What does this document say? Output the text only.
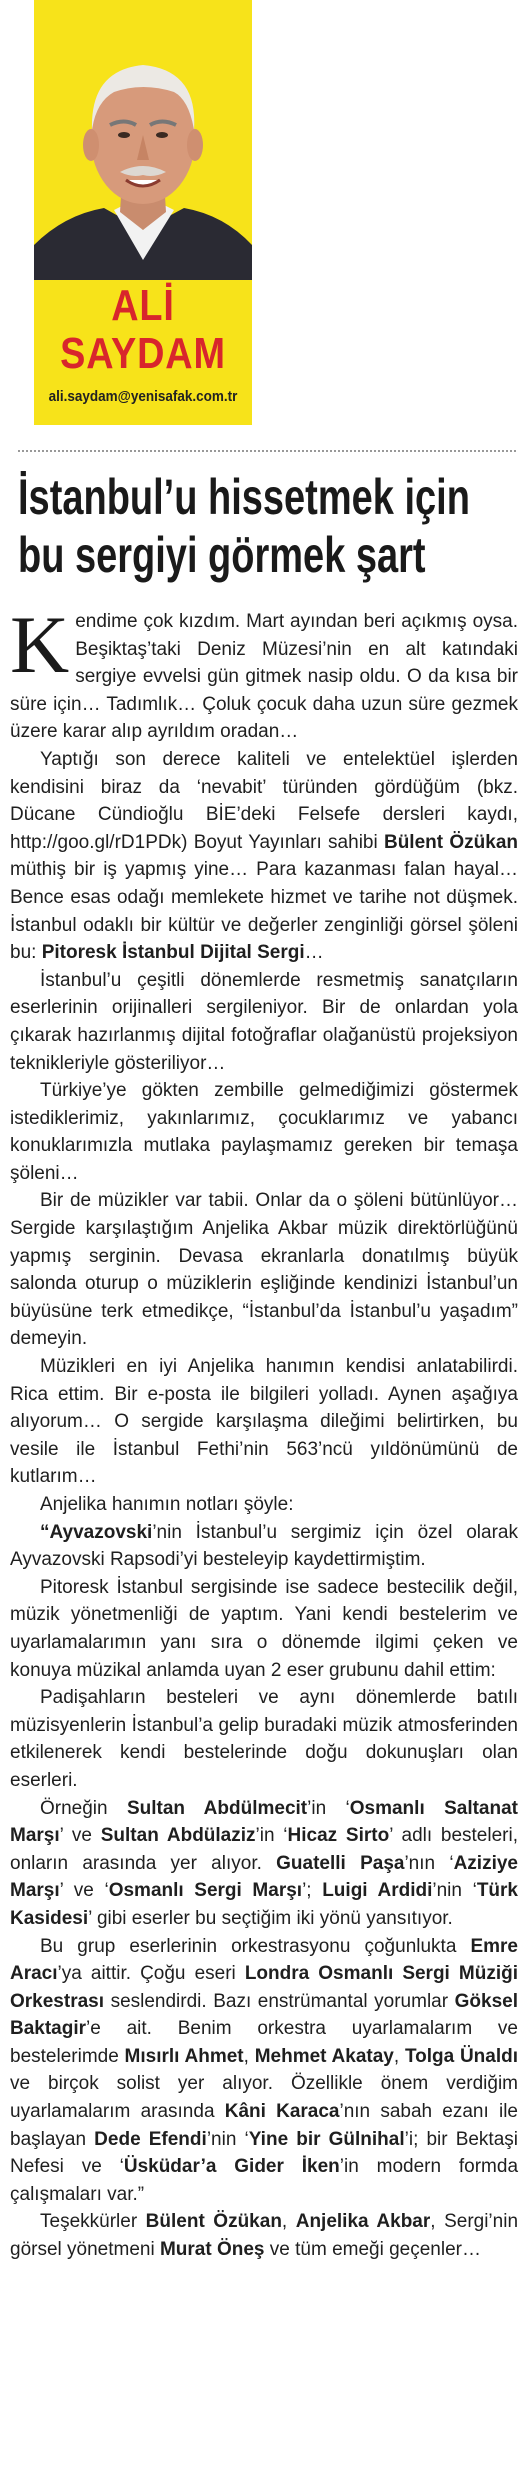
ALİ
SAYDAM
ali.saydam@yenisafak.com.tr
İstanbul’u hissetmek için
bu sergiyi görmek şart

Kendime çok kızdım. Mart ayından beri açıkmış oysa. Beşiktaş’taki Deniz Müzesi’nin en alt katındaki sergiye evvelsi gün gitmek nasip oldu. O da kısa bir süre için… Tadımlık… Çoluk çocuk daha uzun süre gezmek üzere karar alıp ayrıldım oradan…

Yaptığı son derece kaliteli ve entelektüel işlerden kendisini biraz da ‘nevabit’ türünden gördüğüm (bkz. Dücane Cündioğlu BİE’deki Felsefe dersleri kaydı, http://goo.gl/rD1PDk) Boyut Yayınları sahibi Bülent Özükan müthiş bir iş yapmış yine… Para kazanması falan hayal… Bence esas odağı memlekete hizmet ve tarihe not düşmek. İstanbul odaklı bir kültür ve değerler zenginliği görsel şöleni bu: Pitoresk İstanbul Dijital Sergi…

İstanbul’u çeşitli dönemlerde resmetmiş sanatçıların eserlerinin orijinalleri sergileniyor. Bir de onlardan yola çıkarak hazırlanmış dijital fotoğraflar olağanüstü projeksiyon teknikleriyle gösteriliyor…

Türkiye’ye gökten zembille gelmediğimizi göstermek istediklerimiz, yakınlarımız, çocuklarımız ve yabancı konuklarımızla mutlaka paylaşmamız gereken bir temaşa şöleni…

Bir de müzikler var tabii. Onlar da o şöleni bütünlüyor… Sergide karşılaştığım Anjelika Akbar müzik direktörlüğünü yapmış serginin. Devasa ekranlarla donatılmış büyük salonda oturup o müziklerin eşliğinde kendinizi İstanbul’un büyüsüne terk etmedikçe, “İstanbul’da İstanbul’u yaşadım” demeyin.

Müzikleri en iyi Anjelika hanımın kendisi anlatabilirdi. Rica ettim. Bir e-posta ile bilgileri yolladı. Aynen aşağıya alıyorum… O sergide karşılaşma dileğimi belirtirken, bu vesile ile İstanbul Fethi’nin 563’ncü yıldönümünü de kutlarım…

Anjelika hanımın notları şöyle:

“Ayvazovski’nin İstanbul’u sergimiz için özel olarak Ayvazovski Rapsodi’yi besteleyip kaydettirmiştim.

Pitoresk İstanbul sergisinde ise sadece bestecilik değil, müzik yönetmenliği de yaptım. Yani kendi bestelerim ve uyarlamalarımın yanı sıra o dönemde ilgimi çeken ve konuya müzikal anlamda uyan 2 eser grubunu dahil ettim:

Padişahların besteleri ve aynı dönemlerde batılı müzisyenlerin İstanbul’a gelip buradaki müzik atmosferinden etkilenerek kendi bestelerinde doğu dokunuşları olan eserleri.

Örneğin Sultan Abdülmecit’in ‘Osmanlı Saltanat Marşı’ ve Sultan Abdülaziz’in ‘Hicaz Sirto’ adlı besteleri, onların arasında yer alıyor. Guatelli Paşa’nın ‘Aziziye Marşı’ ve ‘Osmanlı Sergi Marşı’; Luigi Ardidi’nin ‘Türk Kasidesi’ gibi eserler bu seçtiğim iki yönü yansıtıyor.

Bu grup eserlerinin orkestrasyonu çoğunlukta Emre Aracı’ya aittir. Çoğu eseri Londra Osmanlı Sergi Müziği Orkestrası seslendirdi. Bazı enstrümantal yorumlar Göksel Baktagir’e ait. Benim orkestra uyarlamalarım ve bestelerimde Mısırlı Ahmet, Mehmet Akatay, Tolga Ünaldı ve birçok solist yer alıyor. Özellikle önem verdiğim uyarlamalarım arasında Kâni Karaca’nın sabah ezanı ile başlayan Dede Efendi’nin ‘Yine bir Gülnihal’i; bir Bektaşi Nefesi ve ‘Üsküdar’a Gider İken’in modern formda çalışmaları var.”

Teşekkürler Bülent Özükan, Anjelika Akbar, Sergi’nin görsel yönetmeni Murat Öneş ve tüm emeği geçenler…
